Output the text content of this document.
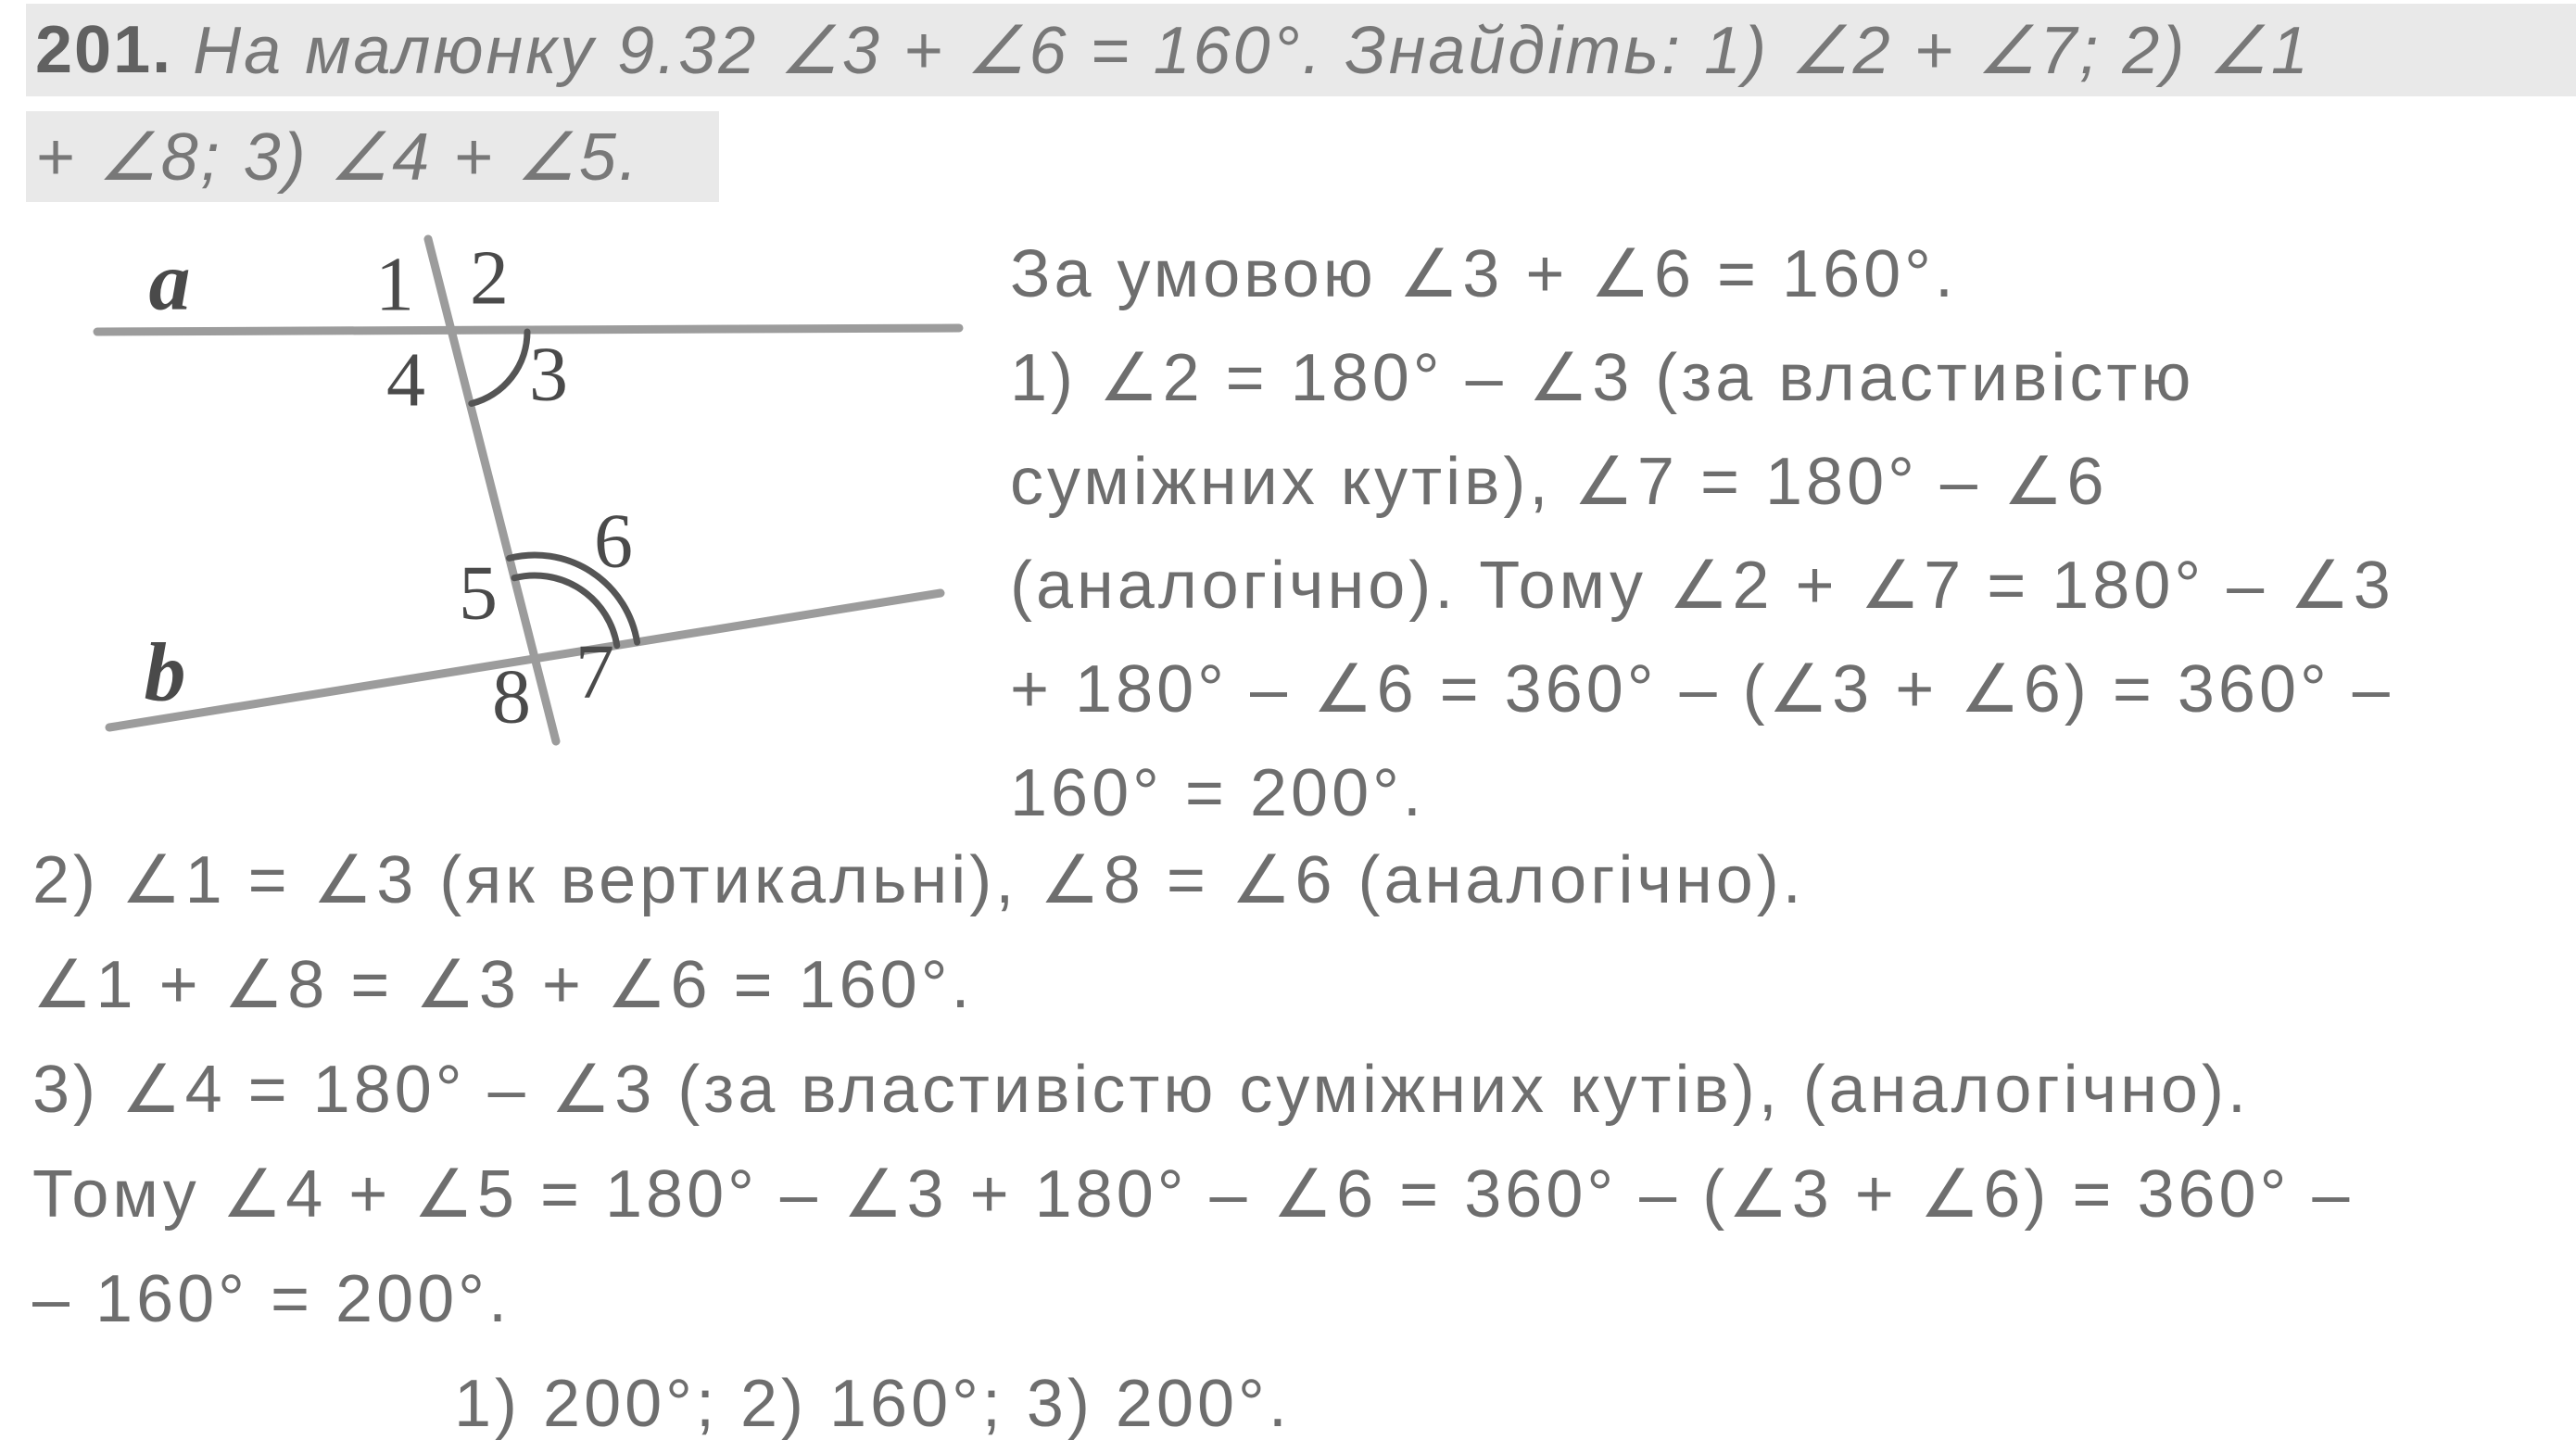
201. На малюнку 9.32 ∠3 + ∠6 = 160°. Знайдіть: 1) ∠2 + ∠7; 2) ∠1
+ ∠8; 3) ∠4 + ∠5.
a
b
1 2
3
4
5
6
7
8
За умовою ∠3 + ∠6 = 160°.
1) ∠2 = 180° – ∠3 (за властивістю
суміжних кутів), ∠7 = 180° – ∠6
(аналогічно). Тому ∠2 + ∠7 = 180° – ∠3
+ 180° – ∠6 = 360° – (∠3 + ∠6) = 360° –
160° = 200°.
2) ∠1 = ∠3 (як вертикальні), ∠8 = ∠6 (аналогічно).
∠1 + ∠8 = ∠3 + ∠6 = 160°.
3) ∠4 = 180° – ∠3 (за властивістю суміжних кутів), (аналогічно).
Тому ∠4 + ∠5 = 180° – ∠3 + 180° – ∠6 = 360° – (∠3 + ∠6) = 360° –
– 160° = 200°.
1) 200°; 2) 160°; 3) 200°.
